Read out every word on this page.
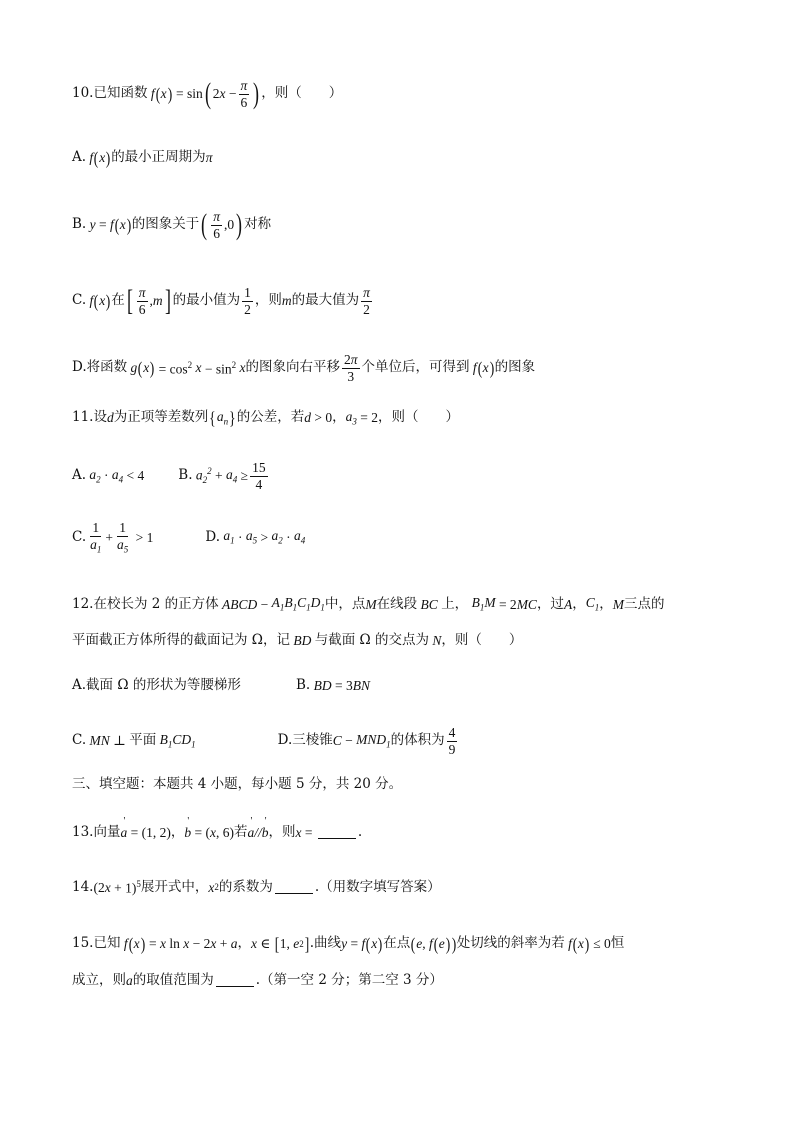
10.已知函数 f ( x ) = sin ( 2 $x - \frac{\pi}{6}$ ) ，则（　　）
A. f ( x ) 的最小正周期为 π
B. y = f ( x ) 的图象关于 ( $\frac{\pi}{6} ,0$ ) 对称
C. f ( x ) 在 [ $\frac{\pi}{6}$ , m ] 的最小值为 $\frac{1}{2}$ ，则 m 的最大值为 $\frac{\pi}{2}$
D.将函数 g ( x ) = $\cos^2 x - \sin^2 x$ 的图象向右平移 $\frac{2\pi}{3}$ 个单位后，可得到 f ( x ) 的图象
11.设 d 为正项等差数列 { $a_n$ } 的公差，若 d > 0 ， $a_3 = 2$ ，则（　　）
A. $a_2 \cdot a_4 < 4$	B. $a_2^2 + a_4 \ge \frac{15}{4}$
C. $\frac{1}{a_1} + \frac{1}{a_5} > 1$	D. $a_1 \cdot a_5 > a_2 \cdot a_4$
12.在校长为 2 的正方体 ABCD − $A_1B_1C_1D_1$ 中，点 M 在线段 BC 上， $B_1M = 2$ MC ，过 A ， $C_1$ ， M 三点的
平面截正方体所得的截面记为 Ω，记 BD 与截面 Ω 的交点为 N ，则（　　）
A.截面 Ω 的形状为等腰梯形	B. BD = 3 BN
C. MN ⊥ 平面 $B_1CD_1$	D.三棱锥 $C - MND_1$ 的体积为 $\frac{4}{9}$
三、填空题：本题共 4 小题，每小题 5 分，共 20 分。
13.向量 ' a = (1, 2) ， ' b = ( x , 6) 若 ' a // ' b ，则 x =	.
14. (2 x + 1)$^5$ 展开式中， x 2 的系数为	.（用数字填写答案）
15.已知 f ( x ) = x ln x − 2 x + a ， x ∈ [ 1, e 2 ] .曲线 y = f ( x ) 在点 ( e , f ( e ) ) 处切线的斜率为若 f ( x ) ≤ 0 恒
成立，则 a 的取值范围为	.（第一空 2 分；第二空 3 分）
